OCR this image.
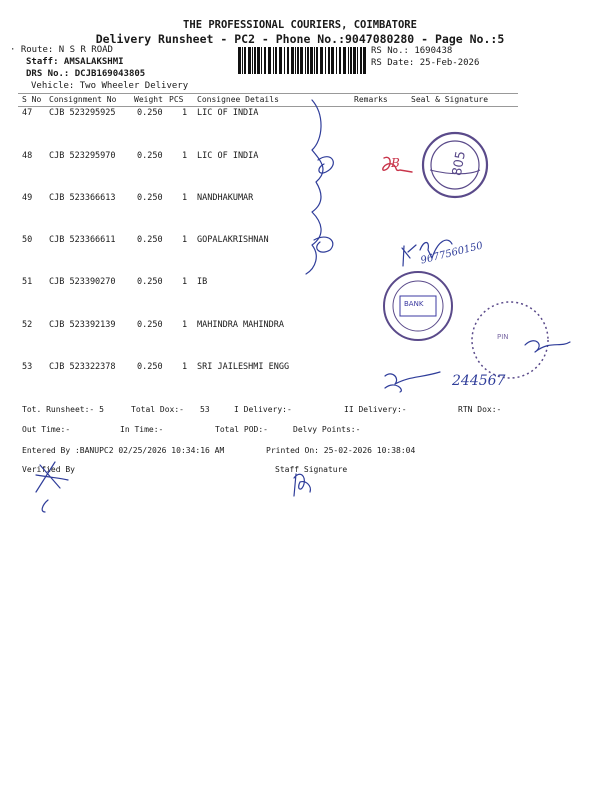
THE PROFESSIONAL COURIERS, COIMBATORE
Delivery Runsheet - PC2 - Phone No.:9047080280 - Page No.:5
· Route: N S R ROAD
Staff: AMSALAKSHMI
DRS No.: DCJB169043805
Vehicle: Two Wheeler Delivery
RS No.: 1690438
RS Date: 25-Feb-2026
S No Consignment No Weight PCS Consignee Details	Remarks	Seal & Signature
47 CJB 523295925	0.250 1 LIC OF INDIA
48 CJB 523295970	0.250 1 LIC OF INDIA
49 CJB 523366613	0.250 1 NANDHAKUMAR
50 CJB 523366611	0.250 1 GOPALAKRISHNAN
51 CJB 523390270	0.250 1 IB
52 CJB 523392139	0.250 1 MAHINDRA MAHINDRA
53 CJB 523322378	0.250 1 SRI JAILESHMI ENGG
Tot. Runsheet:- 5	Total Dox:- 53	I Delivery:-	II Delivery:-	RTN Dox:-
Out Time:-	In Time:-	Total POD:-	Delvy Points:-
Entered By :BANUPC2 02/25/2026 10:34:16 AM	Printed On: 25-02-2026 10:38:04
Verified By	Staff Signature
805
BANK
PIN
B
9677560150
244567
